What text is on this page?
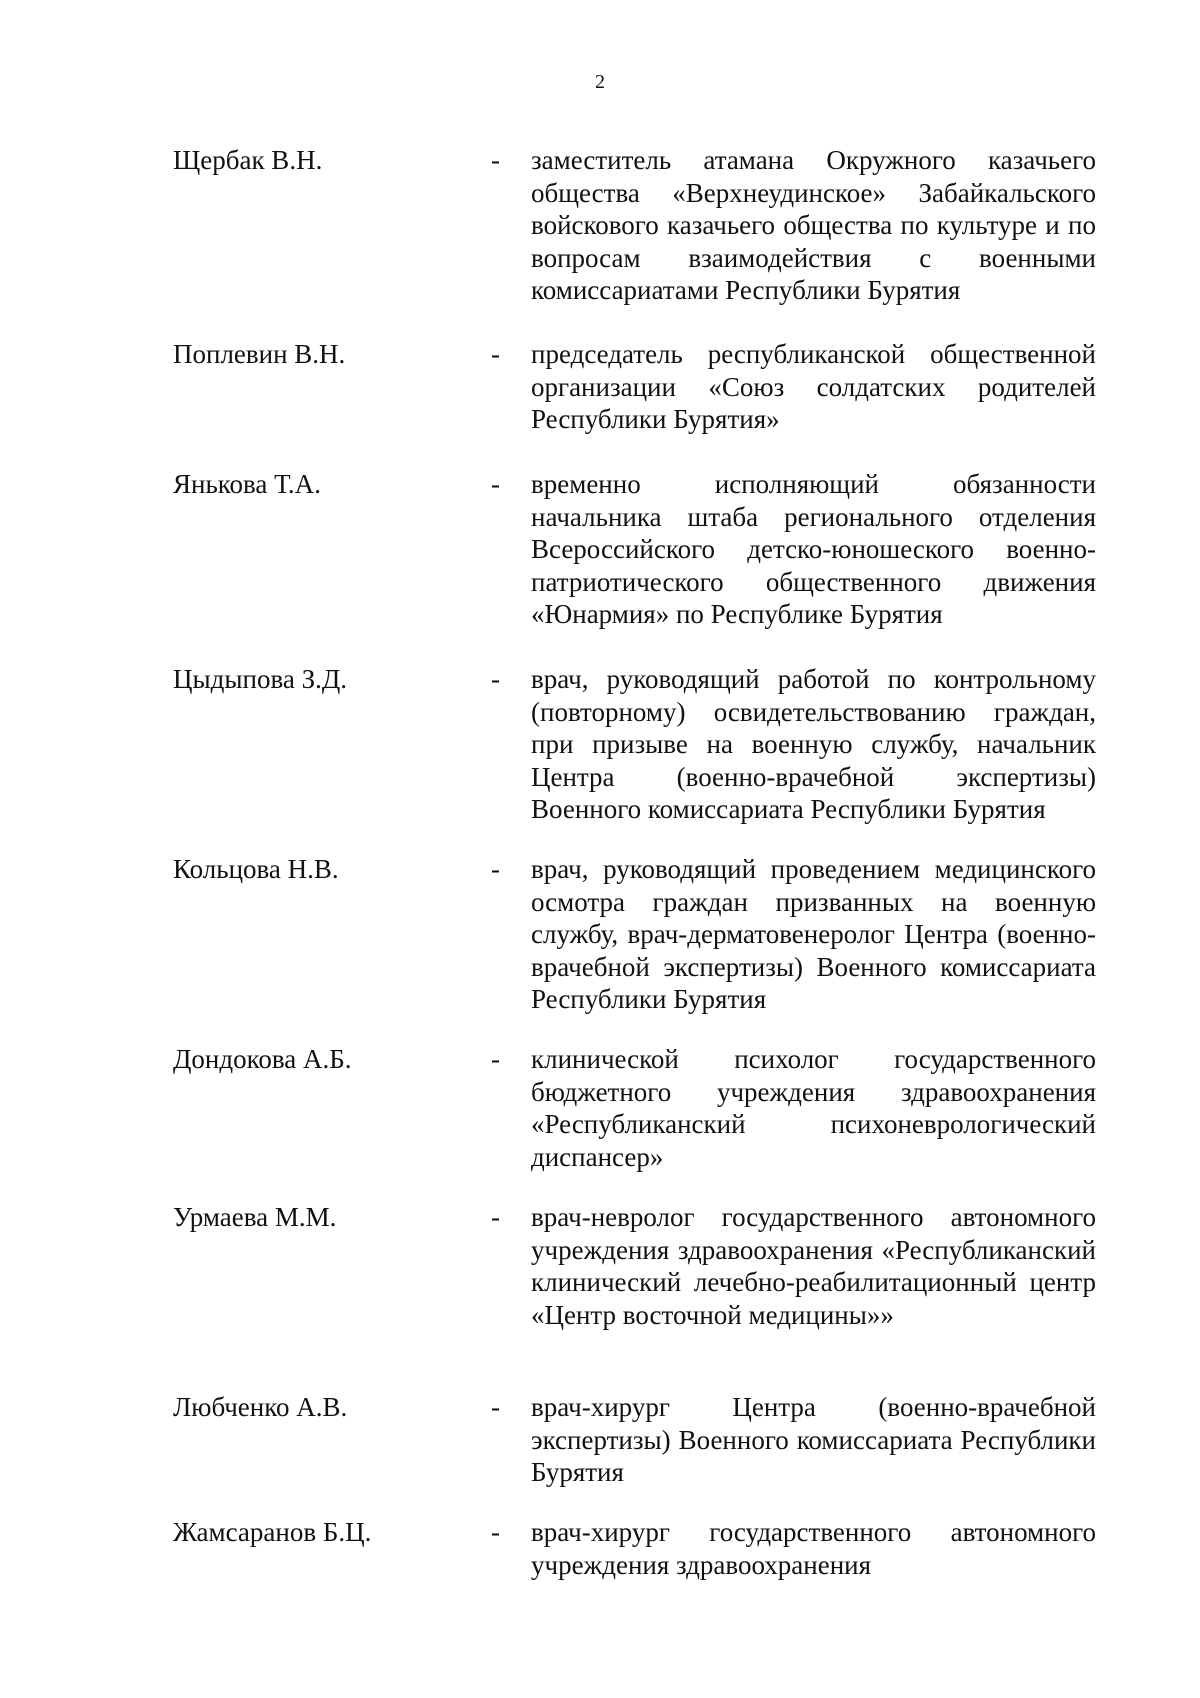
2
Щербак В.Н.	- заместитель атамана Окружного казачьего общества «Верхнеудинское» Забайкальского войскового казачьего общества по культуре и по вопросам взаимодействия с военными комиссариатами Республики Бурятия
Поплевин В.Н.	- председатель республиканской общественной организации «Союз солдатских родителей Республики Бурятия»
Янькова Т.А.	- временно исполняющий обязанности начальника штаба регионального отделения Всероссийского детско-юношеского военно-патриотического общественного движения «Юнармия» по Республике Бурятия
Цыдыпова З.Д.	- врач, руководящий работой по контрольному (повторному) освидетельствованию граждан, при призыве на военную службу, начальник Центра (военно-врачебной экспертизы) Военного комиссариата Республики Бурятия
Кольцова Н.В.	- врач, руководящий проведением медицинского осмотра граждан призванных на военную службу, врач-дерматовенеролог Центра (военно-врачебной экспертизы) Военного комиссариата Республики Бурятия
Дондокова А.Б.	- клинической психолог государственного бюджетного учреждения здравоохранения «Республиканский психоневрологический диспансер»
Урмаева М.М.	- врач-невролог государственного автономного учреждения здравоохранения «Республиканский клинический лечебно-реабилитационный центр «Центр восточной медицины»»
Любченко А.В.	- врач-хирург Центра (военно-врачебной экспертизы) Военного комиссариата Республики Бурятия
Жамсаранов Б.Ц.	- врач-хирург государственного автономного учреждения здравоохранения
